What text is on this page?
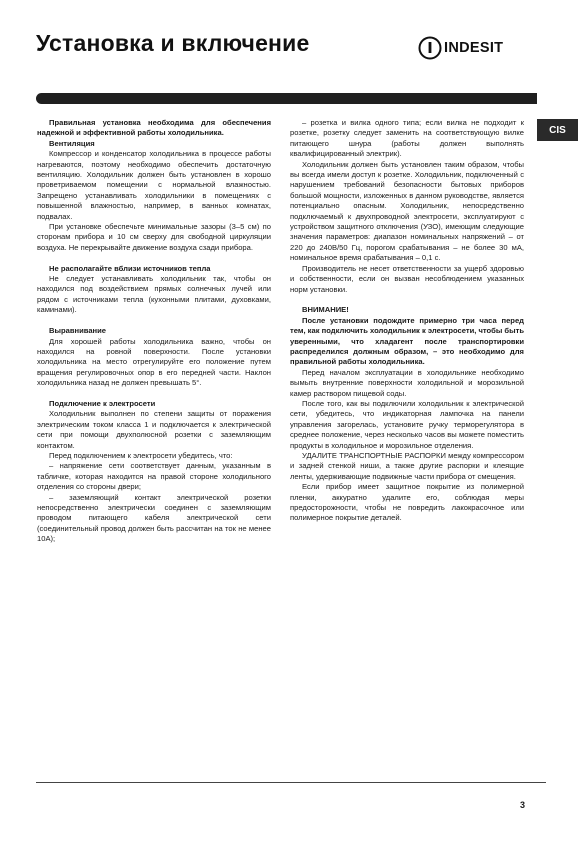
Установка и включение	INDESIT
CIS

Правильная установка необходима для обеспечения надежной и эффективной работы холодильника.

Вентиляция

Компрессор и конденсатор холодильника в процессе работы нагреваются, поэтому необходимо обеспечить достаточную вентиляцию. Холодильник должен быть установлен в хорошо проветриваемом помещении с нормальной влажностью. Запрещено устанавливать холодильники в помещениях с повышенной влажностью, например, в ванных комнатах, подвалах.

При установке обеспечьте минимальные зазоры (3–5 см) по сторонам прибора и 10 см сверху для свободной циркуляции воздуха. Не перекрывайте движение воздуха сзади прибора.

Не располагайте вблизи источников тепла

Не следует устанавливать холодильник так, чтобы он находился под воздействием прямых солнечных лучей или рядом с источниками тепла (кухонными плитами, духовками, каминами).

Выравнивание

Для хорошей работы холодильника важно, чтобы он находился на ровной поверхности. После установки холодильника на место отрегулируйте его положение путем вращения регулировочных опор в его передней части. Наклон холодильника назад не должен превышать 5°.

Подключение к электросети

Холодильник выполнен по степени защиты от поражения электрическим током класса 1 и подключается к электрической сети при помощи двухполюсной розетки с заземляющим контактом.

Перед подключением к электросети убедитесь, что:

– напряжение сети соответствует данным, указанным в табличке, которая находится на правой стороне холодильного отделения со стороны двери;

– заземляющий контакт электрической розетки непосредственно электрически соединен с заземляющим проводом питающего кабеля электрической сети (соединительный провод должен быть рассчитан на ток не менее 10А);

– розетка и вилка одного типа; если вилка не подходит к розетке, розетку следует заменить на соответствующую вилке питающего шнура (работы должен выполнять квалифицированный электрик).

Холодильник должен быть установлен таким образом, чтобы вы всегда имели доступ к розетке. Холодильник, подключенный с нарушением требований безопасности бытовых приборов большой мощности, изложенных в данном руководстве, является потенциально опасным. Холодильник, непосредственно подключаемый к двухпроводной электросети, эксплуатируют с устройством защитного отключения (УЗО), имеющим следующие значения параметров: диапазон номинальных напряжений – от 220 до 240В/50 Гц, порогом срабатывания – не более 30 мА, номинальное время срабатывания – 0,1 с.

Производитель не несет ответственности за ущерб здоровью и собственности, если он вызван несоблюдением указанных норм установки.

ВНИМАНИЕ!

После установки подождите примерно три часа перед тем, как подключить холодильник к электросети, чтобы быть уверенными, что хладагент после транспортировки распределился должным образом, – это необходимо для правильной работы холодильника.

Перед началом эксплуатации в холодильнике необходимо вымыть внутренние поверхности холодильной и морозильной камер раствором пищевой соды.

После того, как вы подключили холодильник к электрической сети, убедитесь, что индикаторная лампочка на панели управления загорелась, установите ручку терморегулятора в среднее положение, через несколько часов вы можете поместить продукты в холодильное и морозильное отделения.

УДАЛИТЕ ТРАНСПОРТНЫЕ РАСПОРКИ между компрессором и задней стенкой ниши, а также другие распорки и клеящие ленты, удерживающие подвижные части прибора от смещения.

Если прибор имеет защитное покрытие из полимерной пленки, аккуратно удалите его, соблюдая меры предосторожности, чтобы не повредить лакокрасочное или полимерное покрытие деталей.

3
